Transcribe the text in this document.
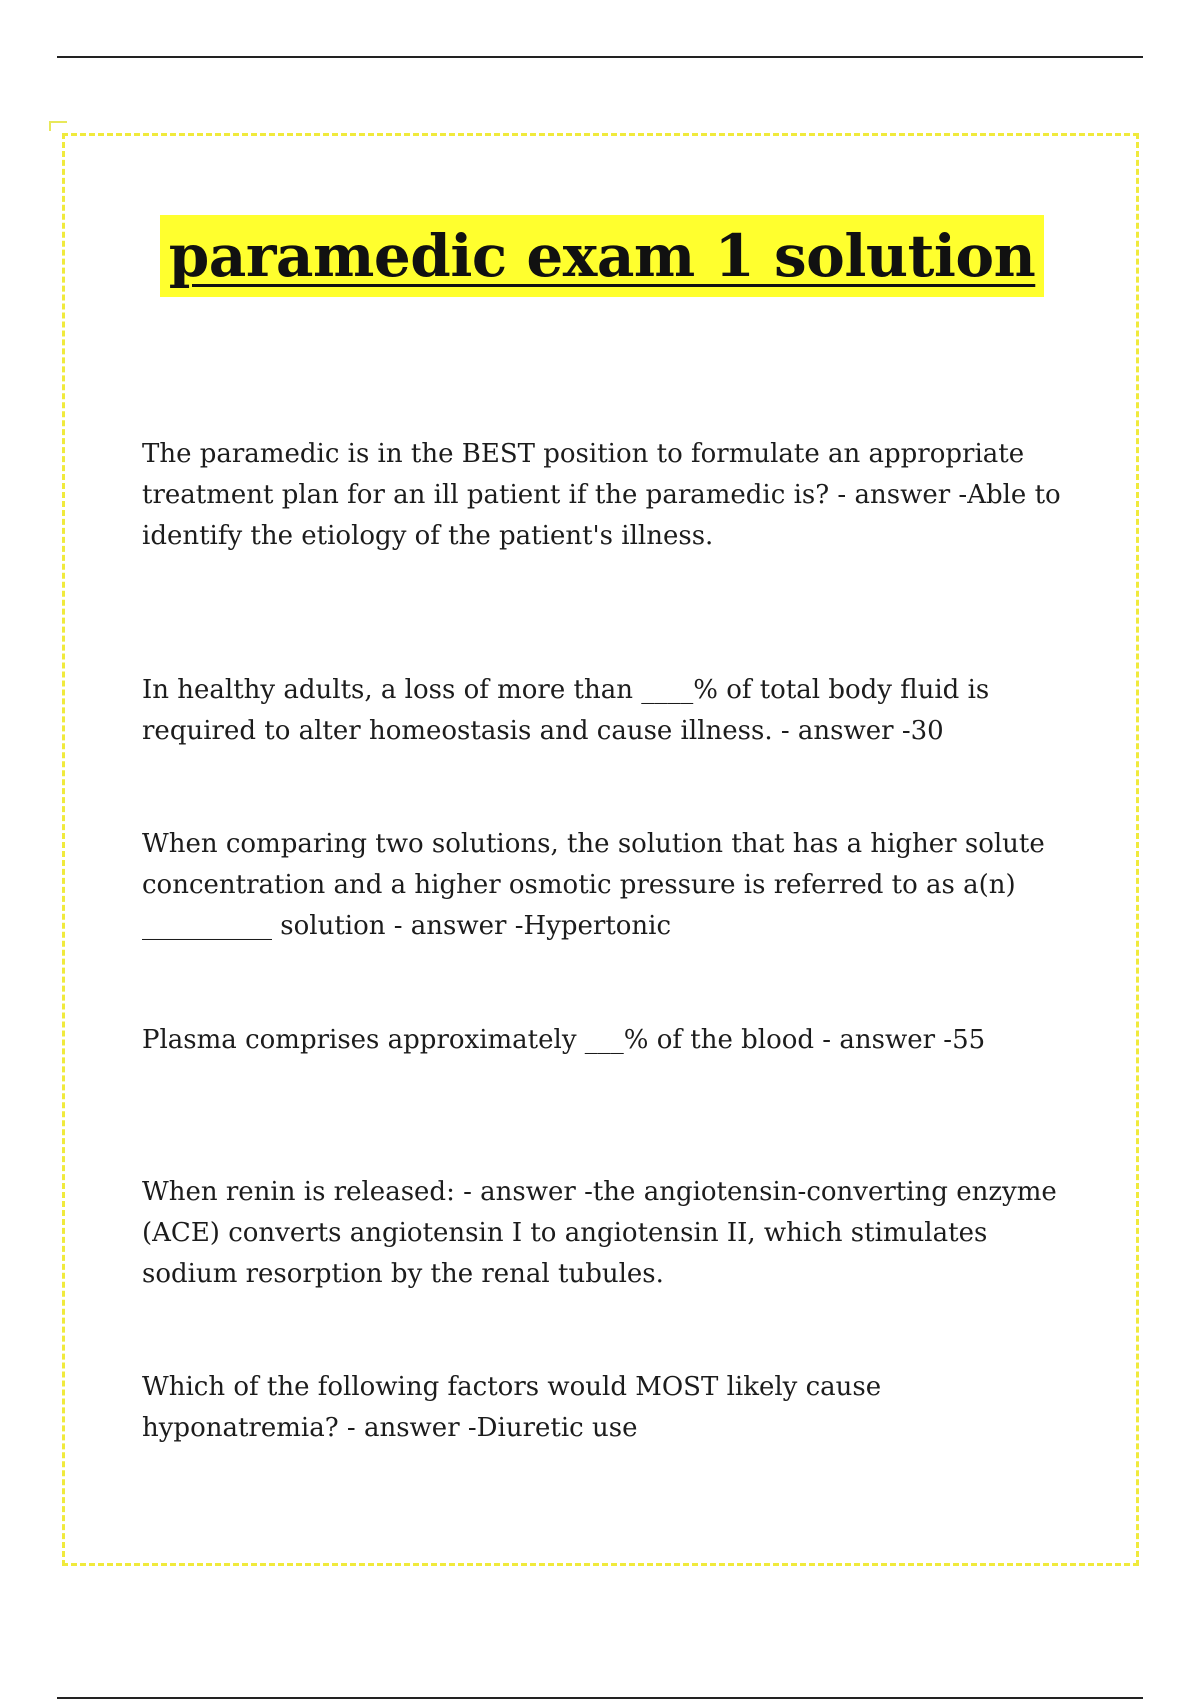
paramedic exam 1 solution

The paramedic is in the BEST position to formulate an appropriate treatment plan for an ill patient if the paramedic is? - answer -Able to identify the etiology of the patient's illness.

In healthy adults, a loss of more than ____% of total body fluid is required to alter homeostasis and cause illness. - answer -30

When comparing two solutions, the solution that has a higher solute concentration and a higher osmotic pressure is referred to as a(n) __________ solution - answer -Hypertonic

Plasma comprises approximately ___% of the blood - answer -55

When renin is released: - answer -the angiotensin-converting enzyme (ACE) converts angiotensin I to angiotensin II, which stimulates sodium resorption by the renal tubules.

Which of the following factors would MOST likely cause hyponatremia? - answer -Diuretic use
